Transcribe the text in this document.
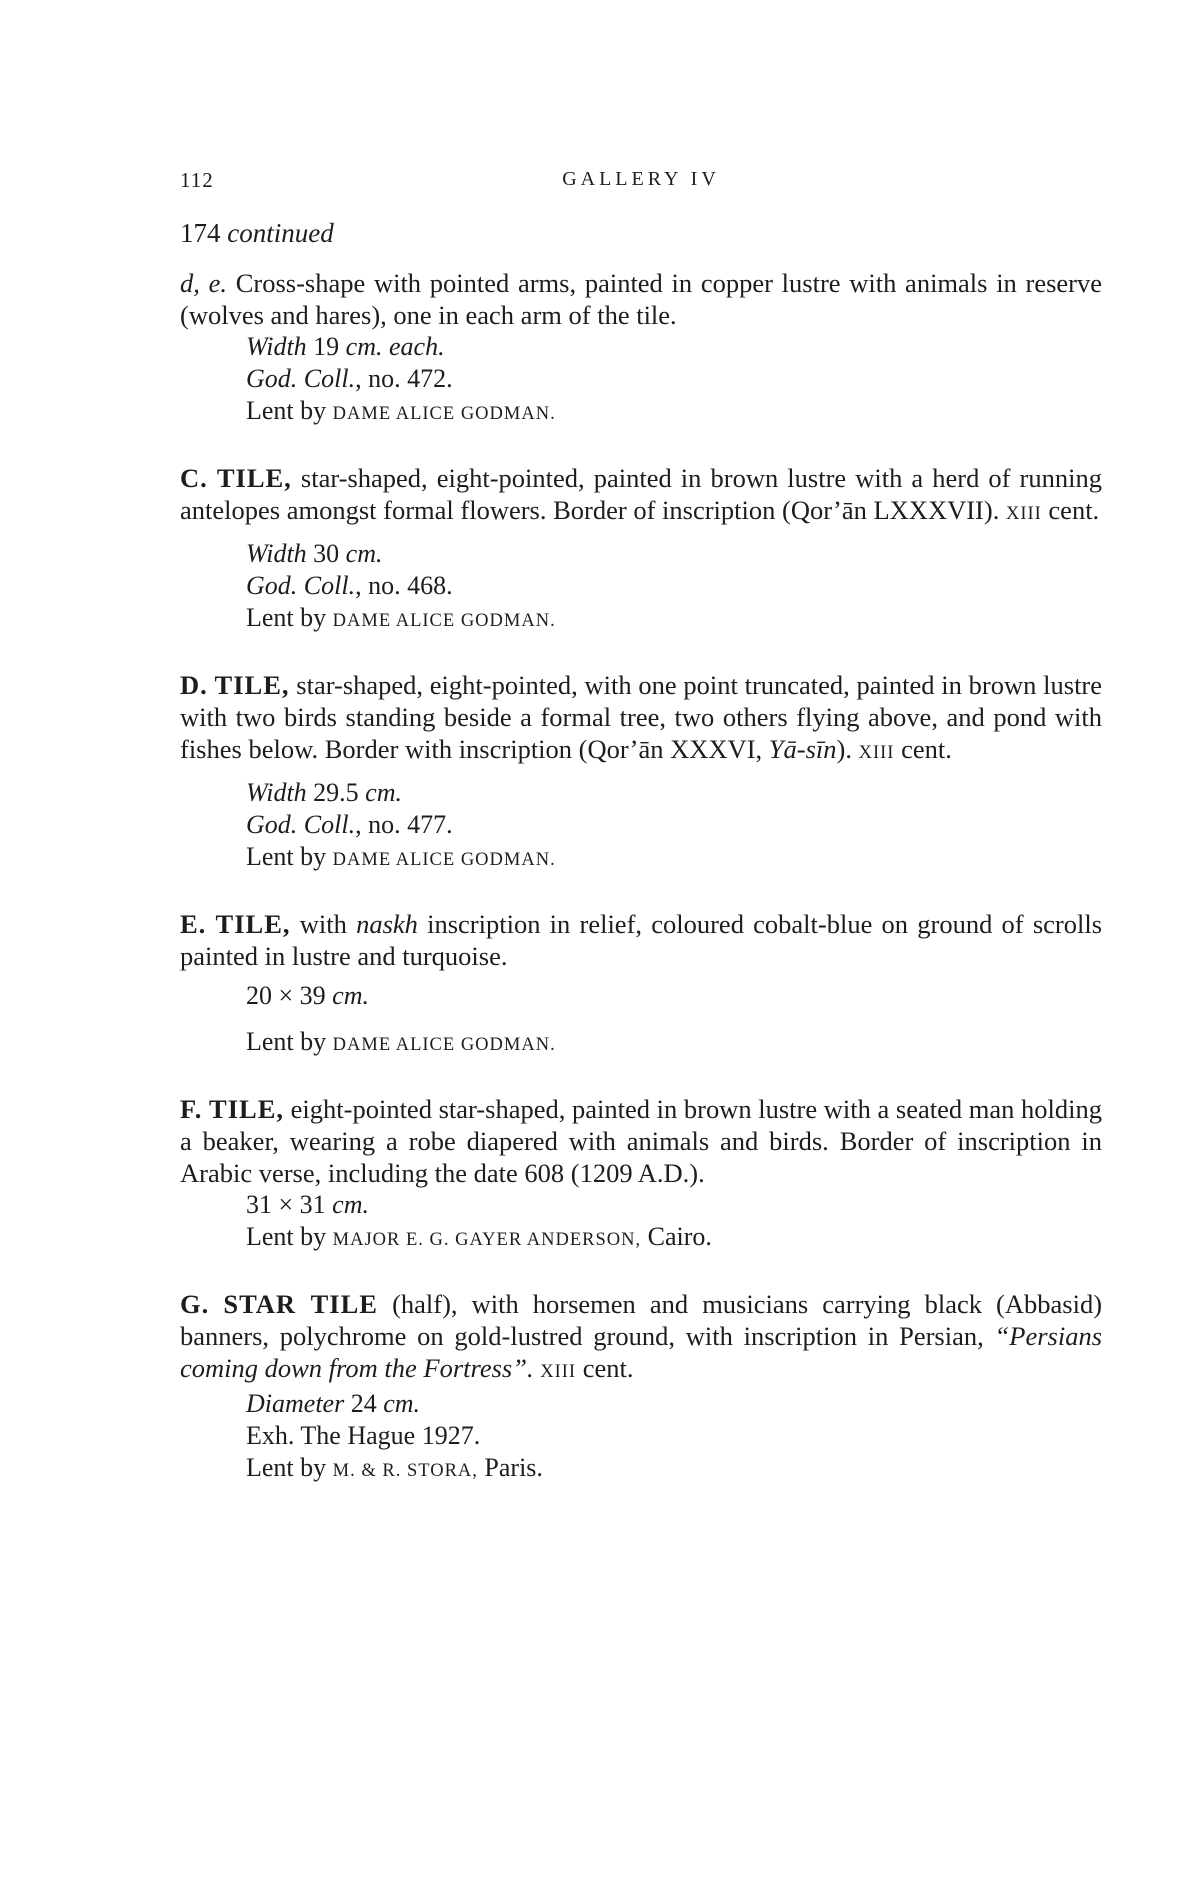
112	GALLERY IV
174 continued

d, e. Cross-shape with pointed arms, painted in copper lustre with animals in reserve (wolves and hares), one in each arm of the tile.

Width 19 cm. each.
God. Coll., no. 472.
Lent by DAME ALICE GODMAN.

C. TILE, star-shaped, eight-pointed, painted in brown lustre with a herd of running antelopes amongst formal flowers. Border of inscription (Qor’ān LXXXVII). XIII cent.

Width 30 cm.
God. Coll., no. 468.
Lent by DAME ALICE GODMAN.

D. TILE, star-shaped, eight-pointed, with one point truncated, painted in brown lustre with two birds standing beside a formal tree, two others flying above, and pond with fishes below. Border with inscription (Qor’ān XXXVI, Yā-sīn). XIII cent.

Width 29.5 cm.
God. Coll., no. 477.
Lent by DAME ALICE GODMAN.

E. TILE, with naskh inscription in relief, coloured cobalt-blue on ground of scrolls painted in lustre and turquoise.

20 × 39 cm.
Lent by DAME ALICE GODMAN.

F. TILE, eight-pointed star-shaped, painted in brown lustre with a seated man holding a beaker, wearing a robe diapered with animals and birds. Border of inscription in Arabic verse, including the date 608 (1209 A.D.).

31 × 31 cm.
Lent by MAJOR E. G. GAYER ANDERSON, Cairo.

G. STAR TILE (half), with horsemen and musicians carrying black (Abbasid) banners, polychrome on gold-lustred ground, with inscription in Persian, “Persians coming down from the Fortress”. XIII cent.

Diameter 24 cm.
Exh. The Hague 1927.
Lent by M. & R. STORA, Paris.
